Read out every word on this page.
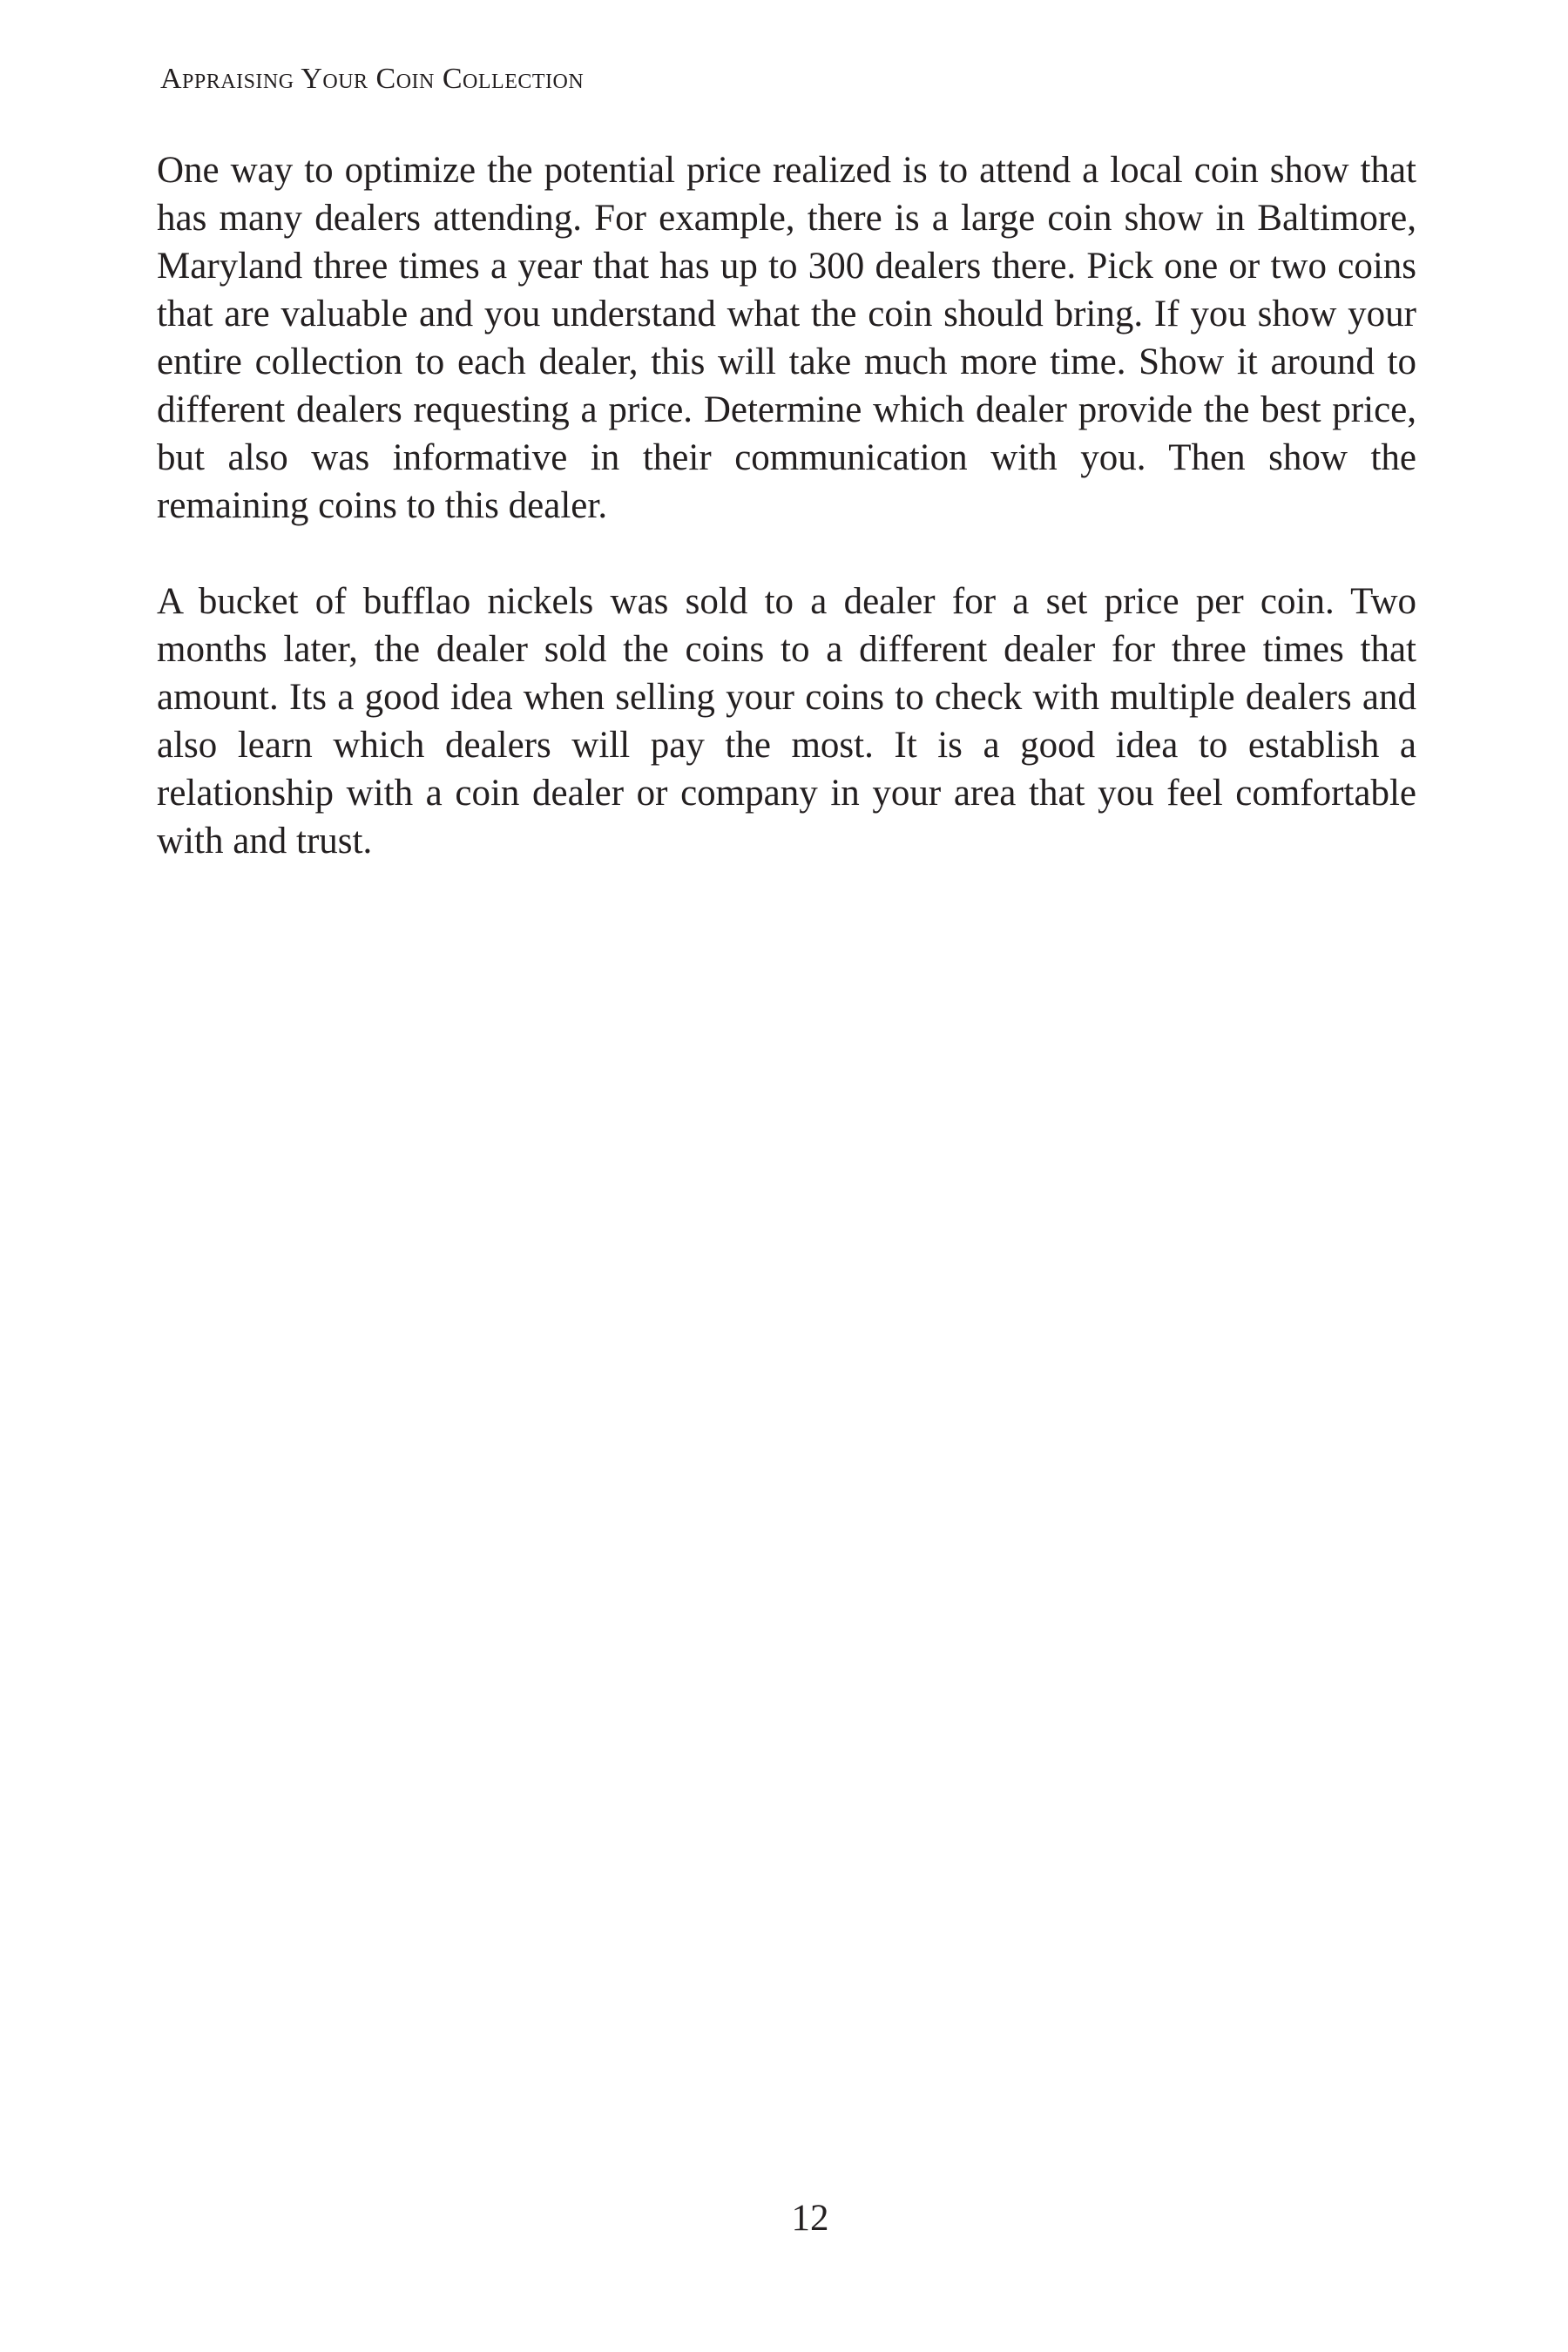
Appraising Your Coin Collection

One way to optimize the potential price realized is to attend a local coin show that has many dealers attending. For example, there is a large coin show in Baltimore, Maryland three times a year that has up to 300 dealers there. Pick one or two coins that are valuable and you understand what the coin should bring. If you show your entire collection to each dealer, this will take much more time. Show it around to different dealers requesting a price. Determine which dealer provide the best price, but also was informative in their communication with you. Then show the remaining coins to this dealer.

A bucket of bufflao nickels was sold to a dealer for a set price per coin. Two months later, the dealer sold the coins to a different dealer for three times that amount. Its a good idea when selling your coins to check with multiple dealers and also learn which dealers will pay the most. It is a good idea to establish a relationship with a coin dealer or company in your area that you feel comfortable with and trust.

12
